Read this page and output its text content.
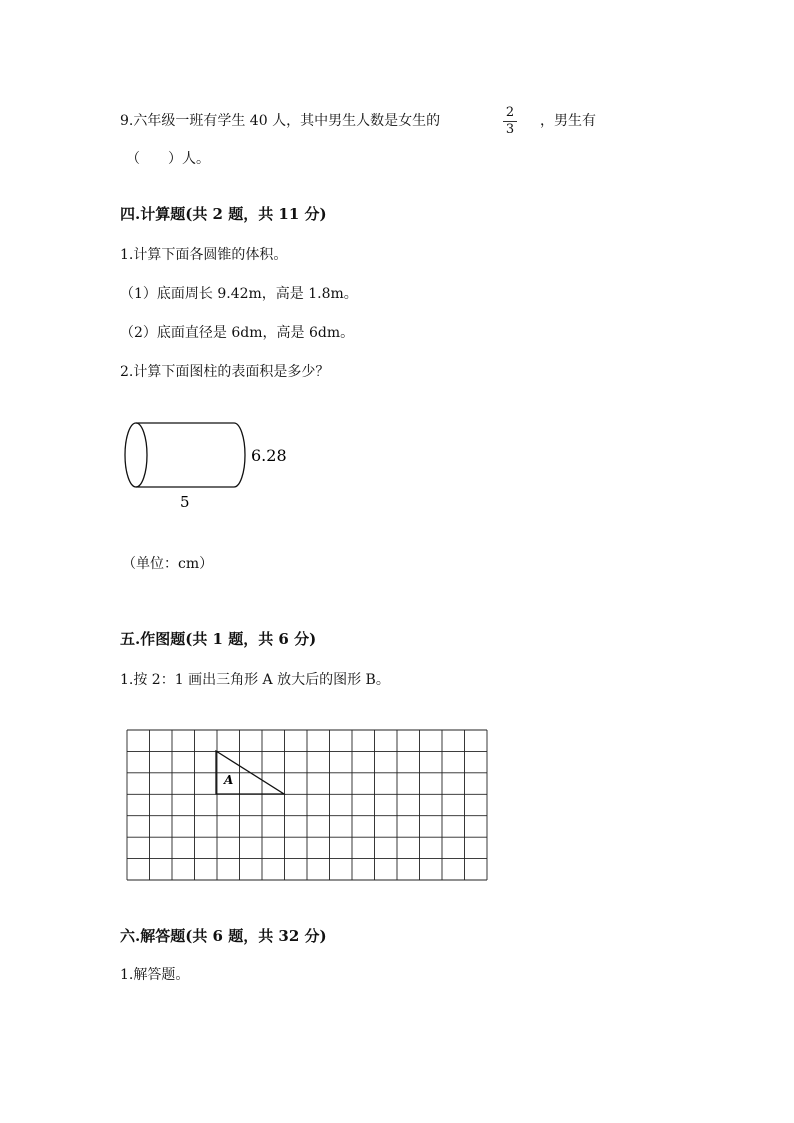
9.六年级一班有学生 40 人，其中男生人数是女生的
2
3
，男生有
（　　）人。
四.计算题(共 2 题，共 11 分)
1.计算下面各圆锥的体积。
（1）底面周长 9.42m，高是 1.8m。
（2）底面直径是 6dm，高是 6dm。
2.计算下面图柱的表面积是多少？
6.28
5
（单位：cm）
五.作图题(共 1 题，共 6 分)
1.按 2：1 画出三角形 A 放大后的图形 B。
A
六.解答题(共 6 题，共 32 分)
1.解答题。
